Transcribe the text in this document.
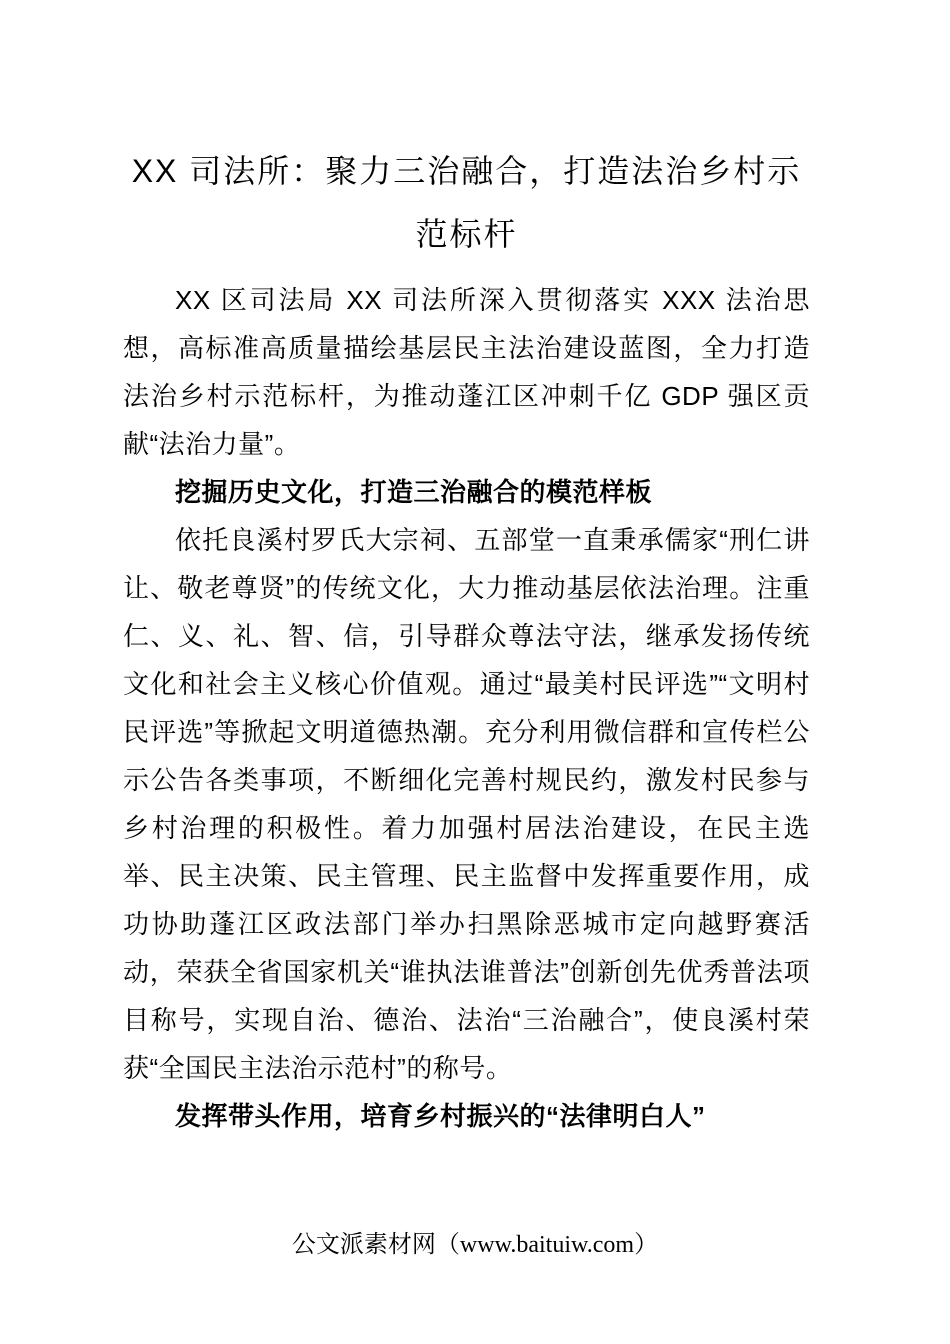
XX 司法所：聚力三治融合，打造法治乡村示范标杆

XX 区司法局 XX 司法所深入贯彻落实 XXX 法治思想，高标准高质量描绘基层民主法治建设蓝图，全力打造法治乡村示范标杆，为推动蓬江区冲刺千亿 GDP 强区贡献“法治力量”。

挖掘历史文化，打造三治融合的模范样板

依托良溪村罗氏大宗祠、五部堂一直秉承儒家“刑仁讲让、敬老尊贤”的传统文化，大力推动基层依法治理。注重仁、义、礼、智、信，引导群众尊法守法，继承发扬传统文化和社会主义核心价值观。通过“最美村民评选”“文明村民评选”等掀起文明道德热潮。充分利用微信群和宣传栏公示公告各类事项，不断细化完善村规民约，激发村民参与乡村治理的积极性。着力加强村居法治建设，在民主选举、民主决策、民主管理、民主监督中发挥重要作用，成功协助蓬江区政法部门举办扫黑除恶城市定向越野赛活动，荣获全省国家机关“谁执法谁普法”创新创先优秀普法项目称号，实现自治、德治、法治“三治融合”，使良溪村荣获“全国民主法治示范村”的称号。

发挥带头作用，培育乡村振兴的“法律明白人”

公文派素材网（www.baituiw.com）
